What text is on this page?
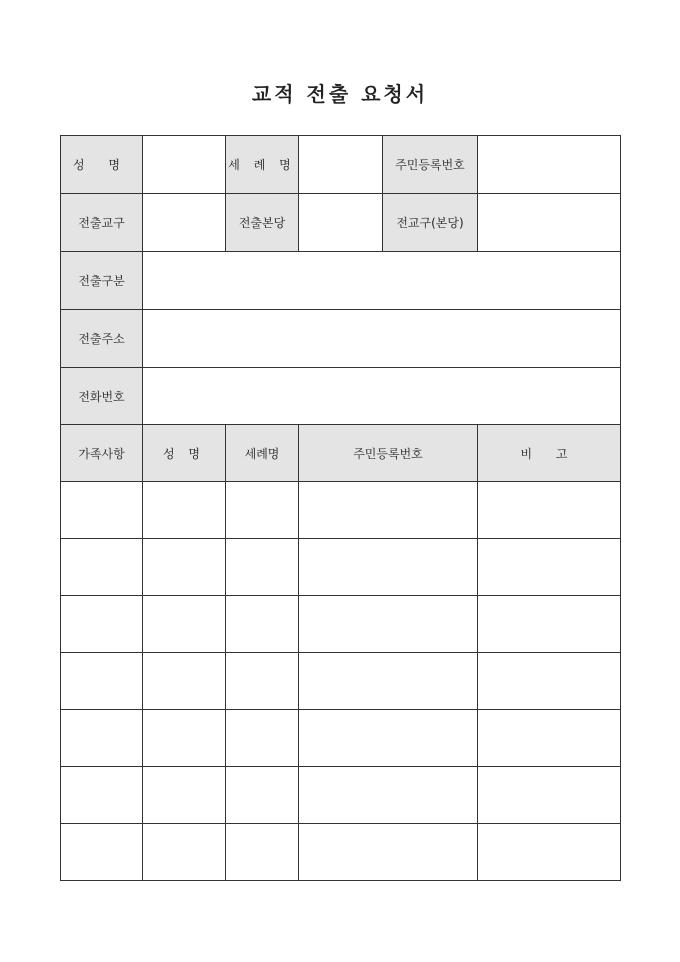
교적 전출 요청서
성 명		세 례 명		주민등록번호	
전출교구		전출본당		전교구(본당)	
전출구분					
전출주소					
전화번호					
가족사항	성 명	세례명	주민등록번호		비 고
